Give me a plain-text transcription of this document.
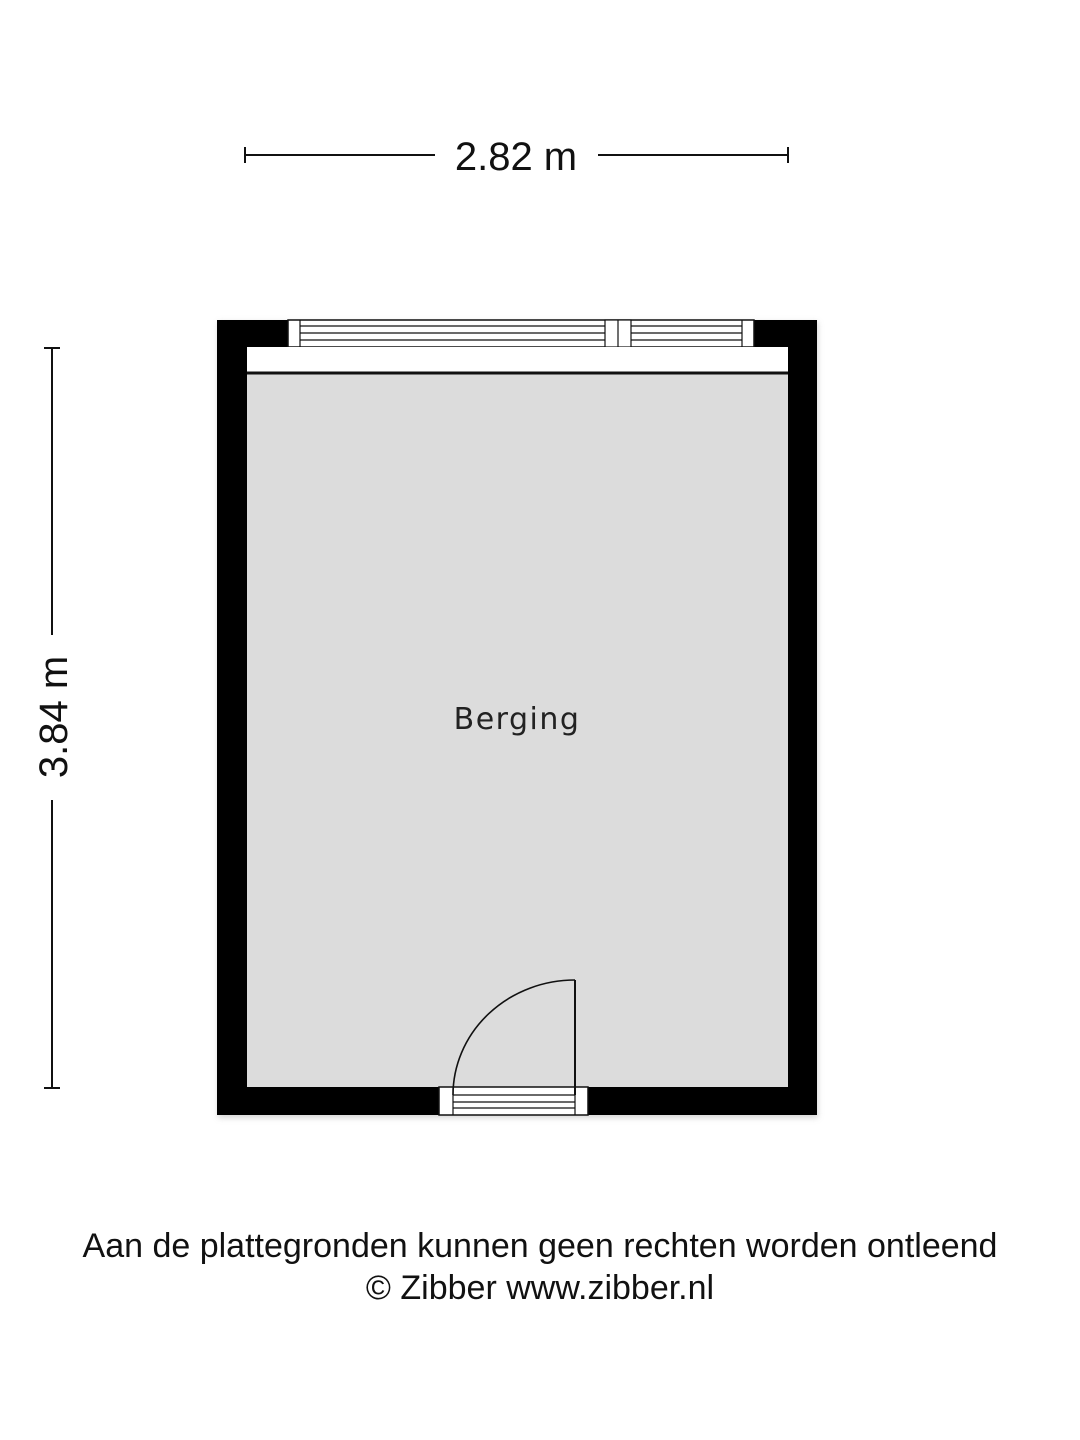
2.82 m
3.84 m	Berging
Aan de plattegronden kunnen geen rechten worden ontleend
© Zibber www.zibber.nl
